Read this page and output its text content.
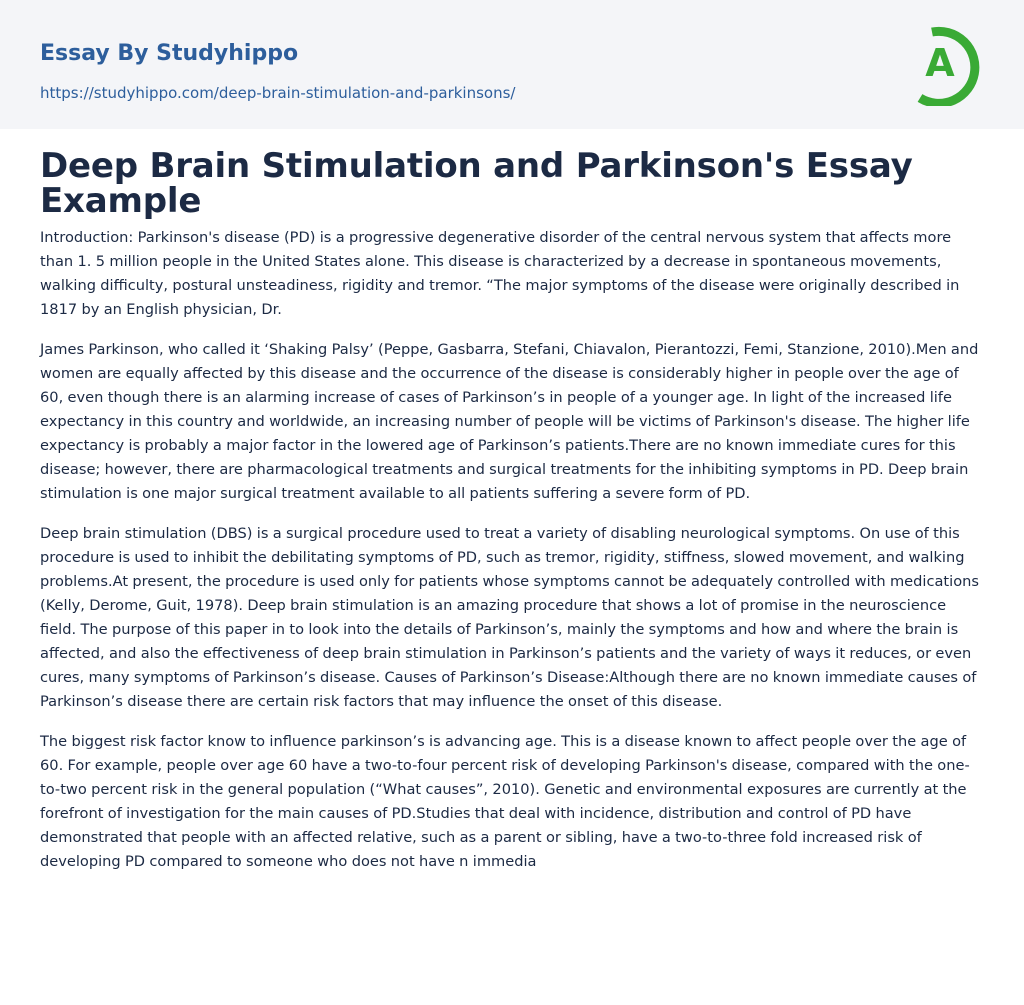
Essay By Studyhippo
https://studyhippo.com/deep-brain-stimulation-and-parkinsons/
A
Deep Brain Stimulation and Parkinson's Essay Example

Introduction: Parkinson's disease (PD) is a progressive degenerative disorder of the central nervous system that affects more than 1. 5 million people in the United States alone. This disease is characterized by a decrease in spontaneous movements, walking difficulty, postural unsteadiness, rigidity and tremor. “The major symptoms of the disease were originally described in 1817 by an English physician, Dr.

James Parkinson, who called it ‘Shaking Palsy’ (Peppe, Gasbarra, Stefani, Chiavalon, Pierantozzi, Femi, Stanzione, 2010).Men and women are equally affected by this disease and the occurrence of the disease is considerably higher in people over the age of 60, even though there is an alarming increase of cases of Parkinson’s in people of a younger age. In light of the increased life expectancy in this country and worldwide, an increasing number of people will be victims of Parkinson's disease. The higher life expectancy is probably a major factor in the lowered age of Parkinson’s patients.There are no known immediate cures for this disease; however, there are pharmacological treatments and surgical treatments for the inhibiting symptoms in PD. Deep brain stimulation is one major surgical treatment available to all patients suffering a severe form of PD.

Deep brain stimulation (DBS) is a surgical procedure used to treat a variety of disabling neurological symptoms. On use of this procedure is used to inhibit the debilitating symptoms of PD, such as tremor, rigidity, stiffness, slowed movement, and walking problems.At present, the procedure is used only for patients whose symptoms cannot be adequately controlled with medications (Kelly, Derome, Guit, 1978). Deep brain stimulation is an amazing procedure that shows a lot of promise in the neuroscience field. The purpose of this paper in to look into the details of Parkinson’s, mainly the symptoms and how and where the brain is affected, and also the effectiveness of deep brain stimulation in Parkinson’s patients and the variety of ways it reduces, or even cures, many symptoms of Parkinson’s disease. Causes of Parkinson’s Disease:Although there are no known immediate causes of Parkinson’s disease there are certain risk factors that may influence the onset of this disease.

The biggest risk factor know to influence parkinson’s is advancing age. This is a disease known to affect people over the age of 60. For example, people over age 60 have a two-to-four percent risk of developing Parkinson's disease, compared with the one-to-two percent risk in the general population (“What causes”, 2010). Genetic and environmental exposures are currently at the forefront of investigation for the main causes of PD.Studies that deal with incidence, distribution and control of PD have demonstrated that people with an affected relative, such as a parent or sibling, have a two-to-three fold increased risk of developing PD compared to someone who does not have n immedia
